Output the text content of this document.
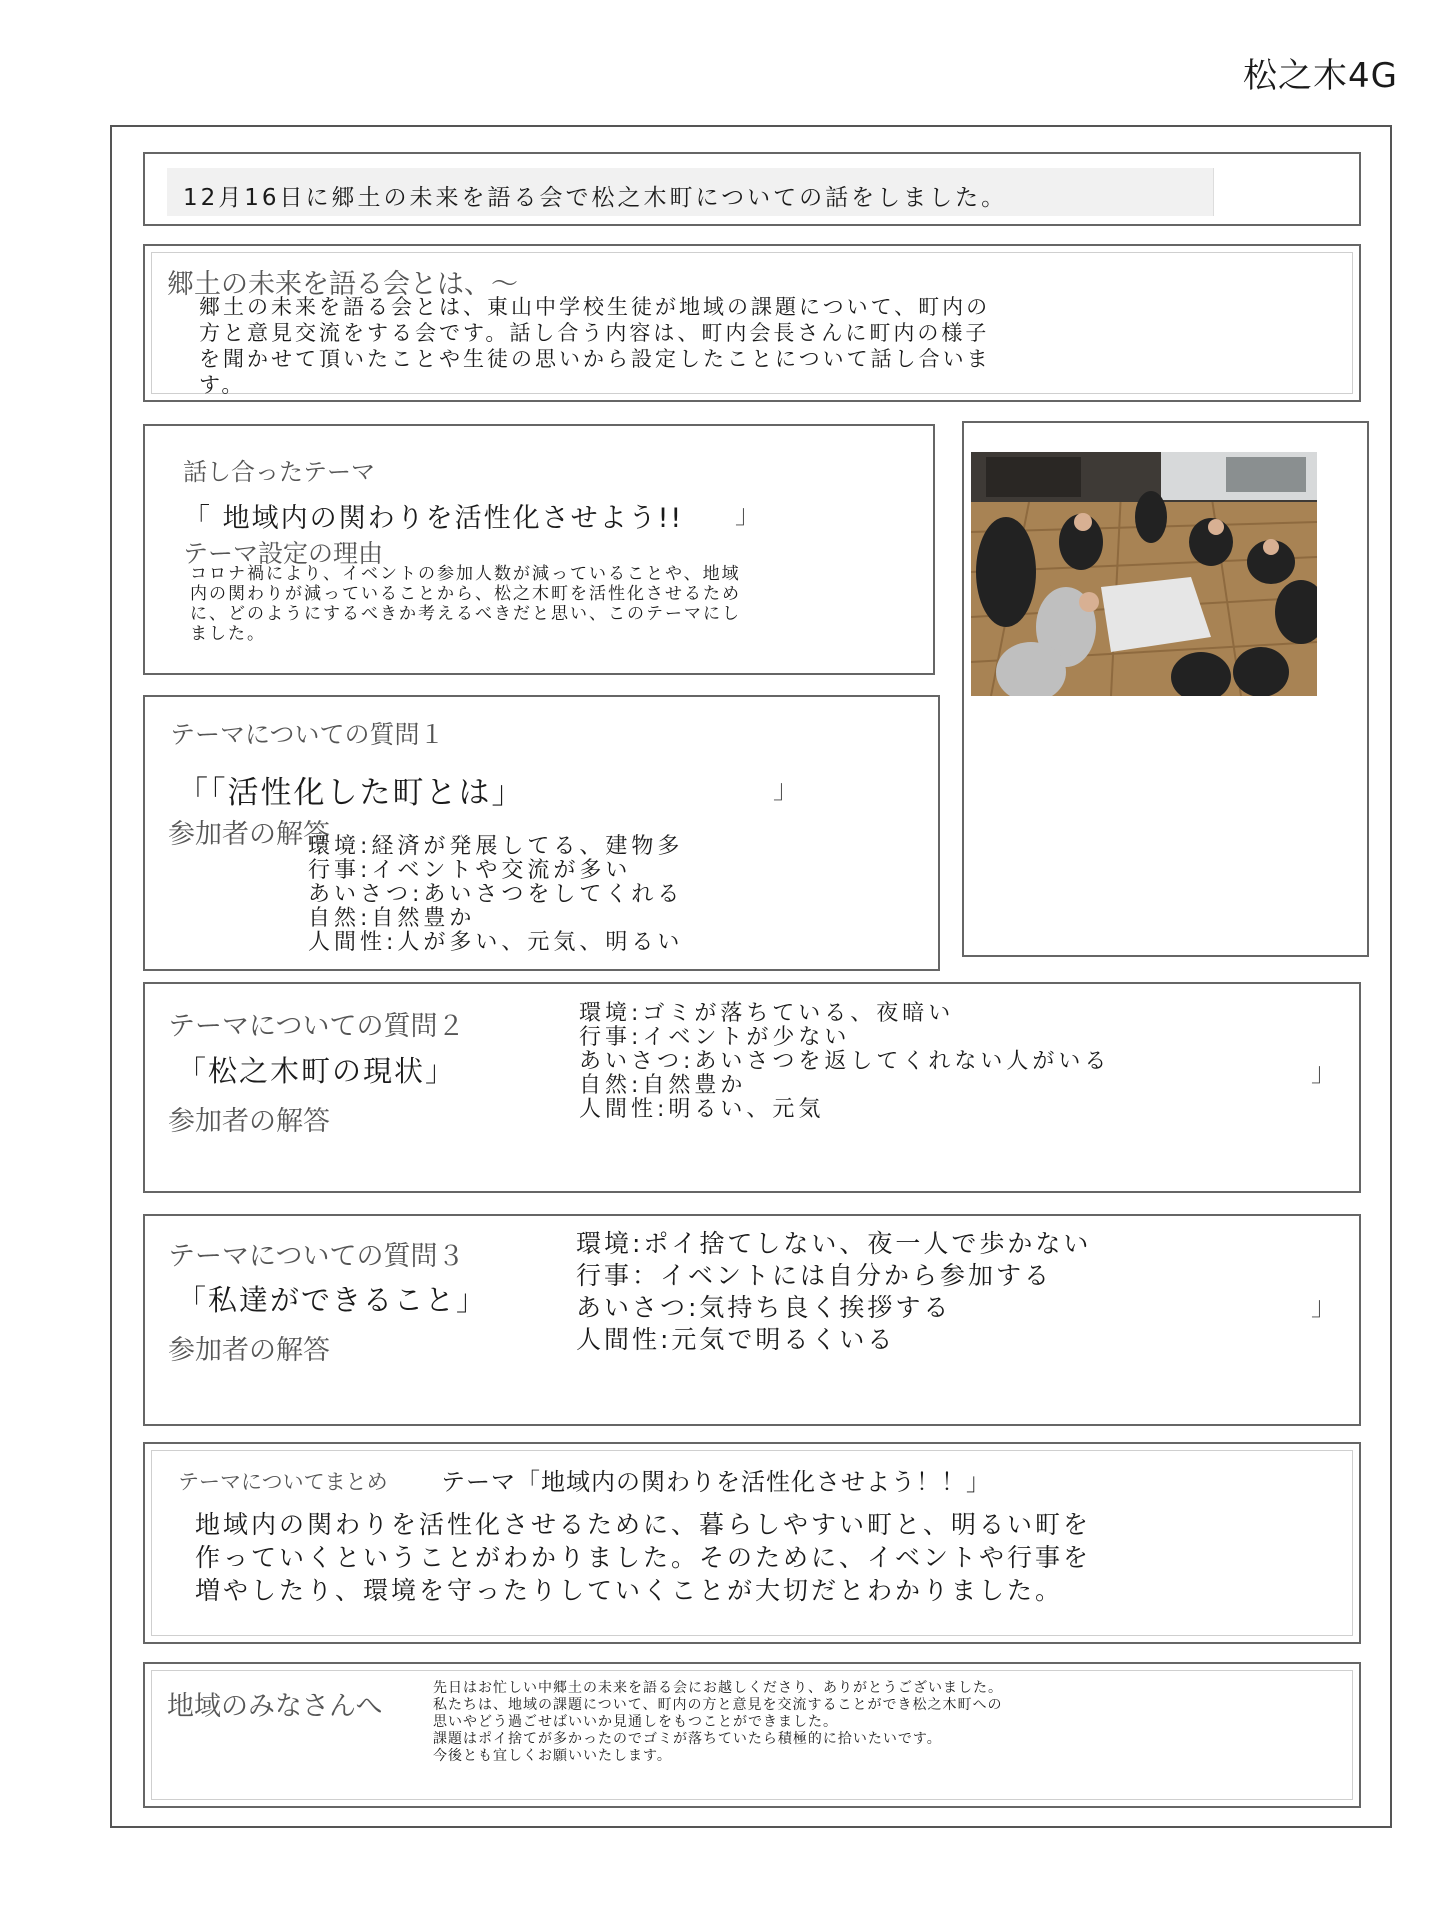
松之木4G
12月16日に郷土の未来を語る会で松之木町についての話をしました。
郷土の未来を語る会とは、〜
郷土の未来を語る会とは、東山中学校生徒が地域の課題について、町内の
方と意見交流をする会です。話し合う内容は、町内会長さんに町内の様子
を聞かせて頂いたことや生徒の思いから設定したことについて話し合いま
す。
話し合ったテーマ
「 地域内の関わりを活性化させよう!! 」
テーマ設定の理由
コロナ禍により、イベントの参加人数が減っていることや、地域
内の関わりが減っていることから、松之木町を活性化させるため
に、どのようにするべきか考えるべきだと思い、このテーマにし
ました。
テーマについての質問１
「「活性化した町とは」	」
参加者の解答
環境:経済が発展してる、建物多
行事:イベントや交流が多い
あいさつ:あいさつをしてくれる
自然:自然豊か
人間性:人が多い、元気、明るい
テーマについての質問２
「松之木町の現状」
参加者の解答
環境:ゴミが落ちている、夜暗い
行事:イベントが少ない
あいさつ:あいさつを返してくれない人がいる
自然:自然豊か
人間性:明るい、元気
」
テーマについての質問３
「私達ができること」
参加者の解答
環境:ポイ捨てしない、夜一人で歩かない
行事：イベントには自分から参加する
あいさつ:気持ち良く挨拶する
人間性:元気で明るくいる
」
テーマについてまとめ テーマ「地域内の関わりを活性化させよう！！」
地域内の関わりを活性化させるために、暮らしやすい町と、明るい町を
作っていくということがわかりました。そのために、イベントや行事を
増やしたり、環境を守ったりしていくことが大切だとわかりました。
地域のみなさんへ
先日はお忙しい中郷土の未来を語る会にお越しくださり、ありがとうございました。
私たちは、地域の課題について、町内の方と意見を交流することができ松之木町への
思いやどう過ごせばいいか見通しをもつことができました。
課題はポイ捨てが多かったのでゴミが落ちていたら積極的に拾いたいです。
今後とも宜しくお願いいたします。
